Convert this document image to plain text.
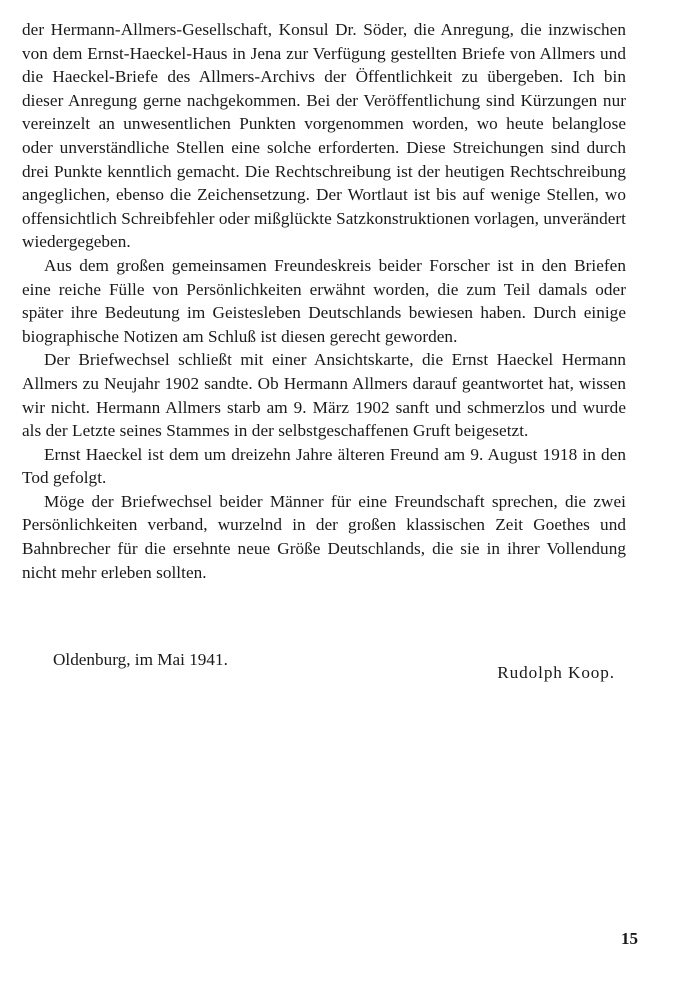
der Hermann-Allmers-Gesellschaft, Konsul Dr. Söder, die Anregung, die inzwischen von dem Ernst-Haeckel-Haus in Jena zur Verfügung gestellten Briefe von Allmers und die Haeckel-Briefe des Allmers-Archivs der Öffentlichkeit zu übergeben. Ich bin dieser Anregung gerne nachgekommen. Bei der Veröffentlichung sind Kürzungen nur vereinzelt an unwesentlichen Punkten vorgenommen worden, wo heute belanglose oder unverständliche Stellen eine solche erforderten. Diese Streichungen sind durch drei Punkte kenntlich gemacht. Die Rechtschreibung ist der heutigen Rechtschreibung angeglichen, ebenso die Zeichensetzung. Der Wortlaut ist bis auf wenige Stellen, wo offensichtlich Schreibfehler oder mißglückte Satzkonstruktionen vorlagen, unverändert wiedergegeben.

Aus dem großen gemeinsamen Freundeskreis beider Forscher ist in den Briefen eine reiche Fülle von Persönlichkeiten erwähnt worden, die zum Teil damals oder später ihre Bedeutung im Geistesleben Deutschlands bewiesen haben. Durch einige biographische Notizen am Schluß ist diesen gerecht geworden.

Der Briefwechsel schließt mit einer Ansichtskarte, die Ernst Haeckel Hermann Allmers zu Neujahr 1902 sandte. Ob Hermann Allmers darauf geantwortet hat, wissen wir nicht. Hermann Allmers starb am 9. März 1902 sanft und schmerzlos und wurde als der Letzte seines Stammes in der selbstgeschaffenen Gruft beigesetzt.

Ernst Haeckel ist dem um dreizehn Jahre älteren Freund am 9. August 1918 in den Tod gefolgt.

Möge der Briefwechsel beider Männer für eine Freundschaft sprechen, die zwei Persönlichkeiten verband, wurzelnd in der großen klassischen Zeit Goethes und Bahnbrecher für die ersehnte neue Größe Deutschlands, die sie in ihrer Vollendung nicht mehr erleben sollten.

Oldenburg, im Mai 1941.
Rudolph Koop.
15
